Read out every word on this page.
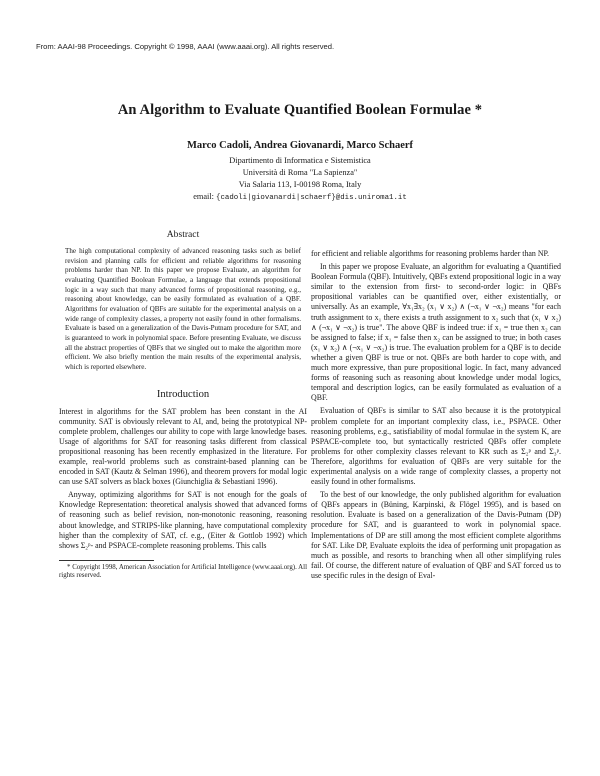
From: AAAI-98 Proceedings. Copyright © 1998, AAAI (www.aaai.org). All rights reserved.
An Algorithm to Evaluate Quantified Boolean Formulae *
Marco Cadoli, Andrea Giovanardi, Marco Schaerf
Dipartimento di Informatica e Sistemistica
Università di Roma "La Sapienza"
Via Salaria 113, I-00198 Roma, Italy
email: {cadoli|giovanardi|schaerf}@dis.uniroma1.it
Abstract
The high computational complexity of advanced reasoning tasks such as belief revision and planning calls for efficient and reliable algorithms for reasoning problems harder than NP. In this paper we propose Evaluate, an algorithm for evaluating Quantified Boolean Formulae, a language that extends propositional logic in a way such that many advanced forms of propositional reasoning, e.g., reasoning about knowledge, can be easily formulated as evaluation of a QBF. Algorithms for evaluation of QBFs are suitable for the experimental analysis on a wide range of complexity classes, a property not easily found in other formalisms. Evaluate is based on a generalization of the Davis-Putnam procedure for SAT, and is guaranteed to work in polynomial space. Before presenting Evaluate, we discuss all the abstract properties of QBFs that we singled out to make the algorithm more efficient. We also briefly mention the main results of the experimental analysis, which is reported elsewhere.
Introduction

Interest in algorithms for the SAT problem has been constant in the AI community. SAT is obviously relevant to AI, and, being the prototypical NP-complete problem, challenges our ability to cope with large knowledge bases. Usage of algorithms for SAT for reasoning tasks different from classical propositional reasoning has been recently emphasized in the literature. For example, real-world problems such as constraint-based planning can be encoded in SAT (Kautz & Selman 1996), and theorem provers for modal logic can use SAT solvers as black boxes (Giunchiglia & Sebastiani 1996).

Anyway, optimizing algorithms for SAT is not enough for the goals of Knowledge Representation: theoretical analysis showed that advanced forms of reasoning such as belief revision, non-monotonic reasoning, reasoning about knowledge, and STRIPS-like planning, have computational complexity higher than the complexity of SAT, cf. e.g., (Eiter & Gottlob 1992) which shows Σ₂ᵖ- and PSPACE-complete reasoning problems. This calls

* Copyright 1998, American Association for Artificial Intelligence (www.aaai.org). All rights reserved.

for efficient and reliable algorithms for reasoning problems harder than NP.

In this paper we propose Evaluate, an algorithm for evaluating a Quantified Boolean Formula (QBF). Intuitively, QBFs extend propositional logic in a way similar to the extension from first- to second-order logic: in QBFs propositional variables can be quantified over, either existentially, or universally. As an example, ∀x₁∃x₂ (x₁ ∨ x₂) ∧ (¬x₁ ∨ ¬x₂) means "for each truth assignment to x₁ there exists a truth assignment to x₂ such that (x₁ ∨ x₂) ∧ (¬x₁ ∨ ¬x₂) is true". The above QBF is indeed true: if x₁ = true then x₂ can be assigned to false; if x₁ = false then x₂ can be assigned to true; in both cases (x₁ ∨ x₂) ∧ (¬x₁ ∨ ¬x₂) is true. The evaluation problem for a QBF is to decide whether a given QBF is true or not. QBFs are both harder to cope with, and much more expressive, than pure propositional logic. In fact, many advanced forms of reasoning such as reasoning about knowledge under modal logics, temporal and description logics, can be easily formulated as evaluation of a QBF.

Evaluation of QBFs is similar to SAT also because it is the prototypical problem complete for an important complexity class, i.e., PSPACE. Other reasoning problems, e.g., satisfiability of modal formulae in the system K, are PSPACE-complete too, but syntactically restricted QBFs offer complete problems for other complexity classes relevant to KR such as Σ₂ᵖ and Σ₃ᵖ. Therefore, algorithms for evaluation of QBFs are very suitable for the experimental analysis on a wide range of complexity classes, a property not easily found in other formalisms.

To the best of our knowledge, the only published algorithm for evaluation of QBFs appears in (Büning, Karpinski, & Flögel 1995), and is based on resolution. Evaluate is based on a generalization of the Davis-Putnam (DP) procedure for SAT, and is guaranteed to work in polynomial space. Implementations of DP are still among the most efficient complete algorithms for SAT. Like DP, Evaluate exploits the idea of performing unit propagation as much as possible, and resorts to branching when all other simplifying rules fail. Of course, the different nature of evaluation of QBF and SAT forced us to use specific rules in the design of Eval-
